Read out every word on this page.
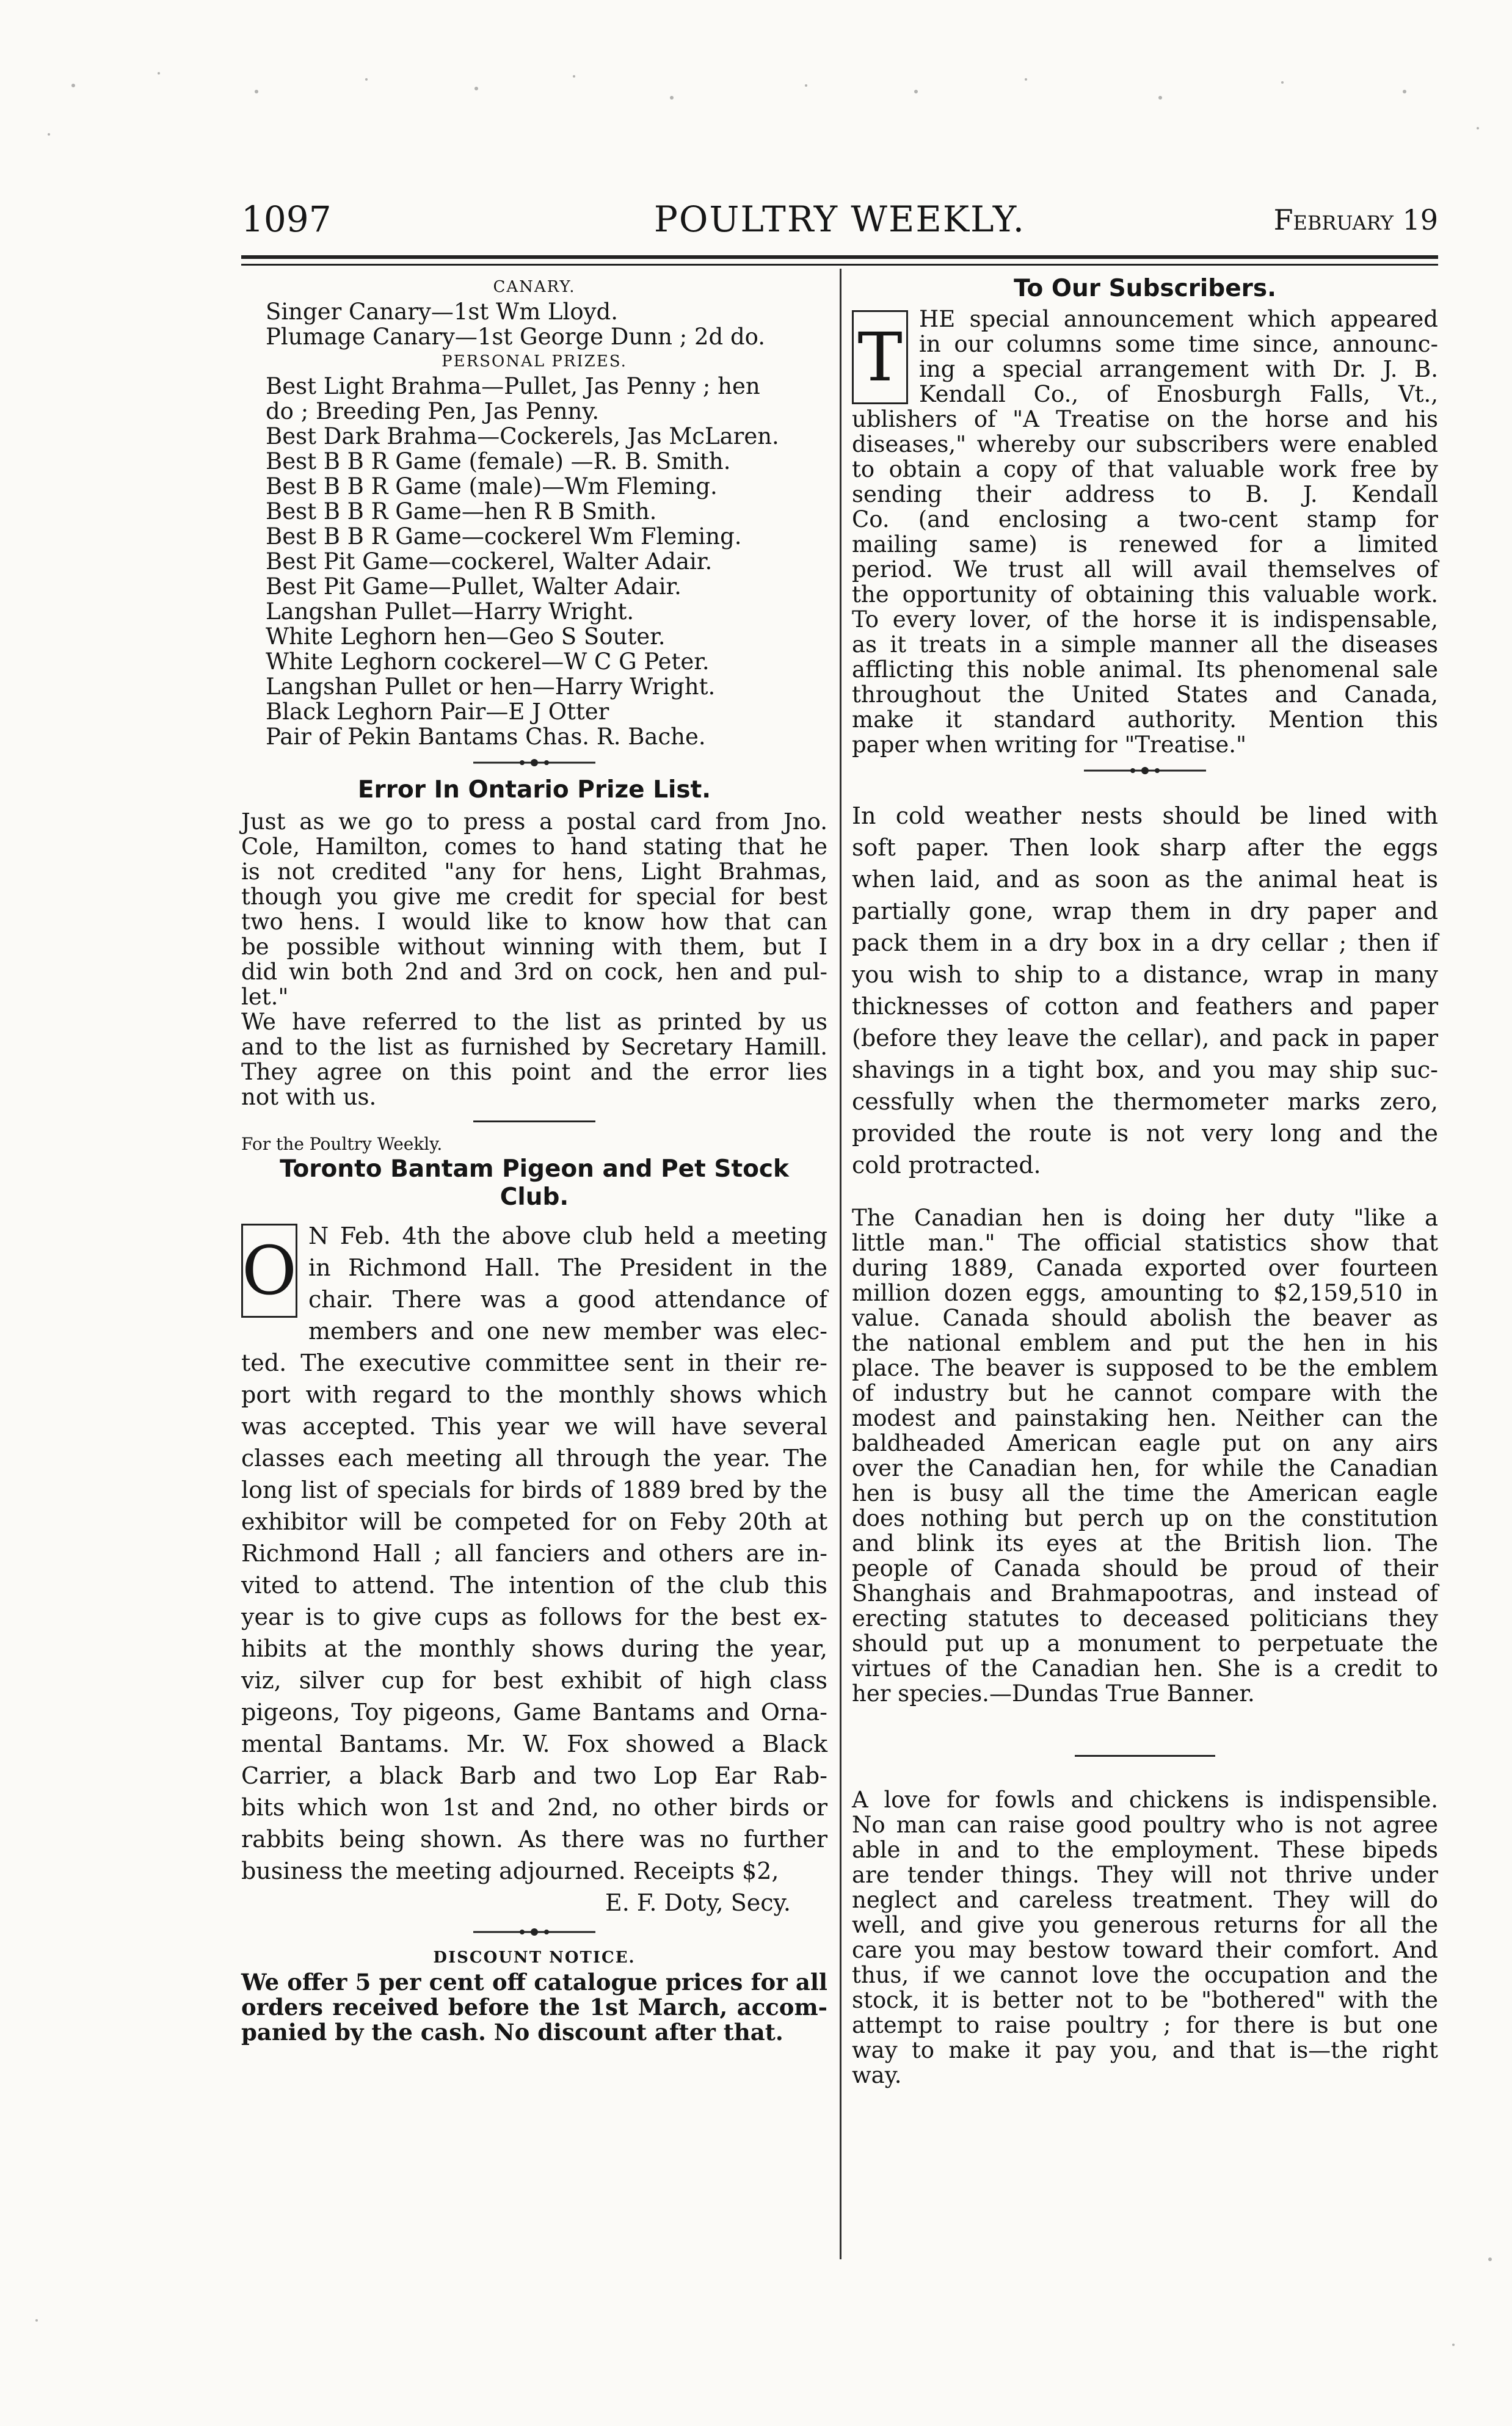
1097	POULTRY WEEKLY.	February 19
CANARY.
Singer Canary—1st Wm Lloyd.
Plumage Canary—1st George Dunn ; 2d do.
PERSONAL PRIZES.
Best Light Brahma—Pullet, Jas Penny ; hen
do ; Breeding Pen, Jas Penny.
Best Dark Brahma—Cockerels, Jas McLaren.
Best B B R Game (female) —R. B. Smith.
Best B B R Game (male)—Wm Fleming.
Best B B R Game—hen R B Smith.
Best B B R Game—cockerel Wm Fleming.
Best Pit Game—cockerel, Walter Adair.
Best Pit Game—Pullet, Walter Adair.
Langshan Pullet—Harry Wright.
White Leghorn hen—Geo S Souter.
White Leghorn cockerel—W C G Peter.
Langshan Pullet or hen—Harry Wright.
Black Leghorn Pair—E J Otter
Pair of Pekin Bantams Chas. R. Bache.
Error In Ontario Prize List.
Just as we go to press a postal card from Jno.
Cole, Hamilton, comes to hand stating that he
is not credited "any for hens, Light Brahmas,
though you give me credit for special for best
two hens. I would like to know how that can
be possible without winning with them, but I
did win both 2nd and 3rd on cock, hen and pul-
let."
We have referred to the list as printed by us
and to the list as furnished by Secretary Hamill.
They agree on this point and the error lies
not with us.
For the Poultry Weekly.
Toronto Bantam Pigeon and Pet Stock
Club.
O N Feb. 4th the above club held a meeting
in Richmond Hall. The President in the
chair. There was a good attendance of
members and one new member was elec-
ted. The executive committee sent in their re-
port with regard to the monthly shows which
was accepted. This year we will have several
classes each meeting all through the year. The
long list of specials for birds of 1889 bred by the
exhibitor will be competed for on Feby 20th at
Richmond Hall ; all fanciers and others are in-
vited to attend. The intention of the club this
year is to give cups as follows for the best ex-
hibits at the monthly shows during the year,
viz, silver cup for best exhibit of high class
pigeons, Toy pigeons, Game Bantams and Orna-
mental Bantams. Mr. W. Fox showed a Black
Carrier, a black Barb and two Lop Ear Rab-
bits which won 1st and 2nd, no other birds or
rabbits being shown. As there was no further
business the meeting adjourned. Receipts $2,
E. F. Doty, Secy.
DISCOUNT NOTICE.
We offer 5 per cent off catalogue prices for all
orders received before the 1st March, accom-
panied by the cash. No discount after that.
To Our Subscribers.
T HE special announcement which appeared
in our columns some time since, announc-
ing a special arrangement with Dr. J. B.
Kendall Co., of Enosburgh Falls, Vt.,
ublishers of "A Treatise on the horse and his
diseases," whereby our subscribers were enabled
to obtain a copy of that valuable work free by
sending their address to B. J. Kendall
Co. (and enclosing a two-cent stamp for
mailing same) is renewed for a limited
period. We trust all will avail themselves of
the opportunity of obtaining this valuable work.
To every lover, of the horse it is indispensable,
as it treats in a simple manner all the diseases
afflicting this noble animal. Its phenomenal sale
throughout the United States and Canada,
make it standard authority. Mention this
paper when writing for "Treatise."
In cold weather nests should be lined with
soft paper. Then look sharp after the eggs
when laid, and as soon as the animal heat is
partially gone, wrap them in dry paper and
pack them in a dry box in a dry cellar ; then if
you wish to ship to a distance, wrap in many
thicknesses of cotton and feathers and paper
(before they leave the cellar), and pack in paper
shavings in a tight box, and you may ship suc-
cessfully when the thermometer marks zero,
provided the route is not very long and the
cold protracted.
The Canadian hen is doing her duty "like a
little man." The official statistics show that
during 1889, Canada exported over fourteen
million dozen eggs, amounting to $2,159,510 in
value. Canada should abolish the beaver as
the national emblem and put the hen in his
place. The beaver is supposed to be the emblem
of industry but he cannot compare with the
modest and painstaking hen. Neither can the
baldheaded American eagle put on any airs
over the Canadian hen, for while the Canadian
hen is busy all the time the American eagle
does nothing but perch up on the constitution
and blink its eyes at the British lion. The
people of Canada should be proud of their
Shanghais and Brahmapootras, and instead of
erecting statutes to deceased politicians they
should put up a monument to perpetuate the
virtues of the Canadian hen. She is a credit to
her species.—Dundas True Banner.
A love for fowls and chickens is indispensible.
No man can raise good poultry who is not agree
able in and to the employment. These bipeds
are tender things. They will not thrive under
neglect and careless treatment. They will do
well, and give you generous returns for all the
care you may bestow toward their comfort. And
thus, if we cannot love the occupation and the
stock, it is better not to be "bothered" with the
attempt to raise poultry ; for there is but one
way to make it pay you, and that is—the right
way.
